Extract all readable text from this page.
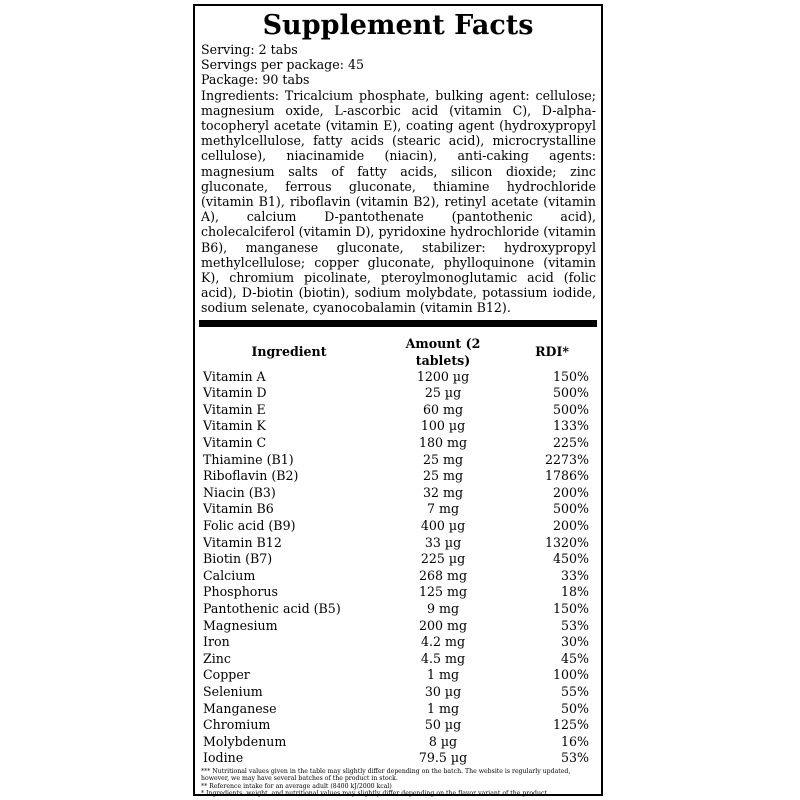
Supplement Facts
Serving: 2 tabs
Servings per package: 45
Package: 90 tabs

Ingredients: Tricalcium phosphate, bulking agent: cellulose; magnesium oxide, L-ascorbic acid (vitamin C), D-alpha-tocopheryl acetate (vitamin E), coating agent (hydroxypropyl methylcellulose, fatty acids (stearic acid), microcrystalline cellulose), niacinamide (niacin), anti-caking agents: magnesium salts of fatty acids, silicon dioxide; zinc gluconate, ferrous gluconate, thiamine hydrochloride (vitamin B1), riboflavin (vitamin B2), retinyl acetate (vitamin A), calcium D-pantothenate (pantothenic acid), cholecalciferol (vitamin D), pyridoxine hydrochloride (vitamin B6), manganese gluconate, stabilizer: hydroxypropyl methylcellulose; copper gluconate, phylloquinone (vitamin K), chromium picolinate, pteroylmonoglutamic acid (folic acid), D-biotin (biotin), sodium molybdate, potassium iodide, sodium selenate, cyanocobalamin (vitamin B12).

Ingredient	Amount (2 tablets)	RDI*
Vitamin A	1200 µg	150%
Vitamin D	25 µg	500%
Vitamin E	60 mg	500%
Vitamin K	100 µg	133%
Vitamin C	180 mg	225%
Thiamine (B1)	25 mg	2273%
Riboflavin (B2)	25 mg	1786%
Niacin (B3)	32 mg	200%
Vitamin B6	7 mg	500%
Folic acid (B9)	400 µg	200%
Vitamin B12	33 µg	1320%
Biotin (B7)	225 µg	450%
Calcium	268 mg	33%
Phosphorus	125 mg	18%
Pantothenic acid (B5)	9 mg	150%
Magnesium	200 mg	53%
Iron	4.2 mg	30%
Zinc	4.5 mg	45%
Copper	1 mg	100%
Selenium	30 µg	55%
Manganese	1 mg	50%
Chromium	50 µg	125%
Molybdenum	8 µg	16%
Iodine	79.5 µg	53%
*** Nutritional values given in the table may slightly differ depending on the batch. The website is regularly updated, however, we may have several batches of the product in stock.
** Reference intake for an average adult (8400 kJ/2000 kcal)
* Ingredients, weight, and nutritional values may slightly differ depending on the flavor variant of the product.
